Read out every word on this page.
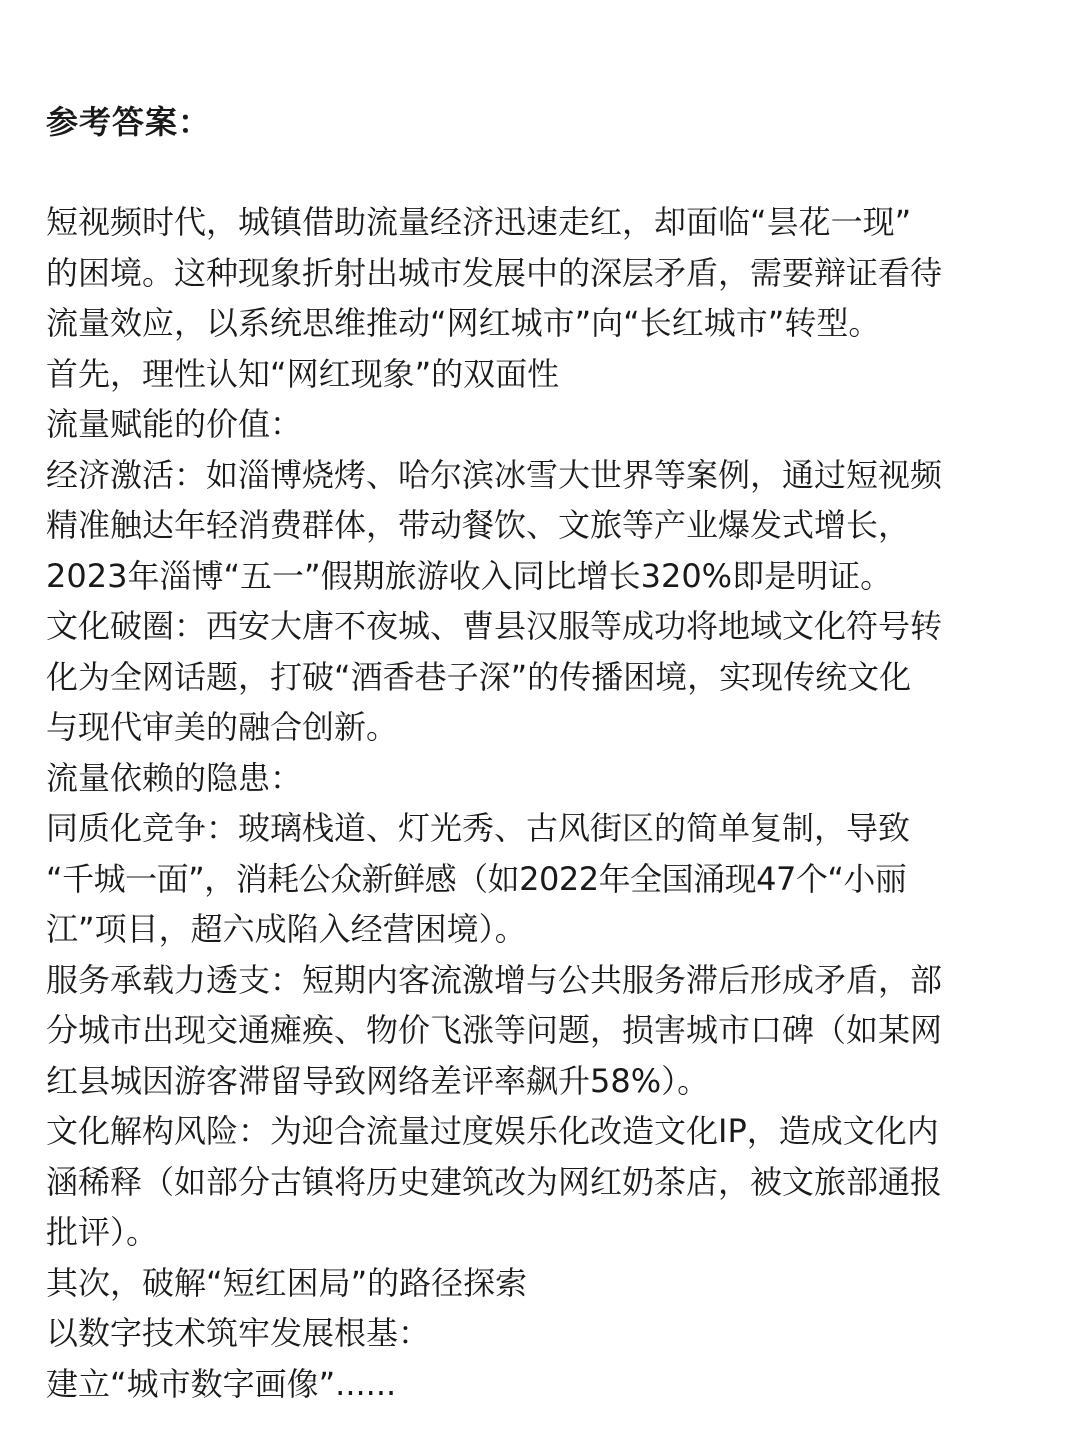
参考答案：
短视频时代，城镇借助流量经济迅速走红，却面临“昙花一现”
的困境。这种现象折射出城市发展中的深层矛盾，需要辩证看待
流量效应，以系统思维推动“网红城市”向“长红城市”转型。
首先，理性认知“网红现象”的双面性
流量赋能的价值：
经济激活：如淄博烧烤、哈尔滨冰雪大世界等案例，通过短视频
精准触达年轻消费群体，带动餐饮、文旅等产业爆发式增长，
2023年淄博“五一”假期旅游收入同比增长320%即是明证。
文化破圈：西安大唐不夜城、曹县汉服等成功将地域文化符号转
化为全网话题，打破“酒香巷子深”的传播困境，实现传统文化
与现代审美的融合创新。
流量依赖的隐患：
同质化竞争：玻璃栈道、灯光秀、古风街区的简单复制，导致
“千城一面”，消耗公众新鲜感（如2022年全国涌现47个“小丽
江”项目，超六成陷入经营困境）。
服务承载力透支：短期内客流激增与公共服务滞后形成矛盾，部
分城市出现交通瘫痪、物价飞涨等问题，损害城市口碑（如某网
红县城因游客滞留导致网络差评率飙升58%）。
文化解构风险：为迎合流量过度娱乐化改造文化IP，造成文化内
涵稀释（如部分古镇将历史建筑改为网红奶茶店，被文旅部通报
批评）。
其次，破解“短红困局”的路径探索
以数字技术筑牢发展根基：
建立“城市数字画像”......
